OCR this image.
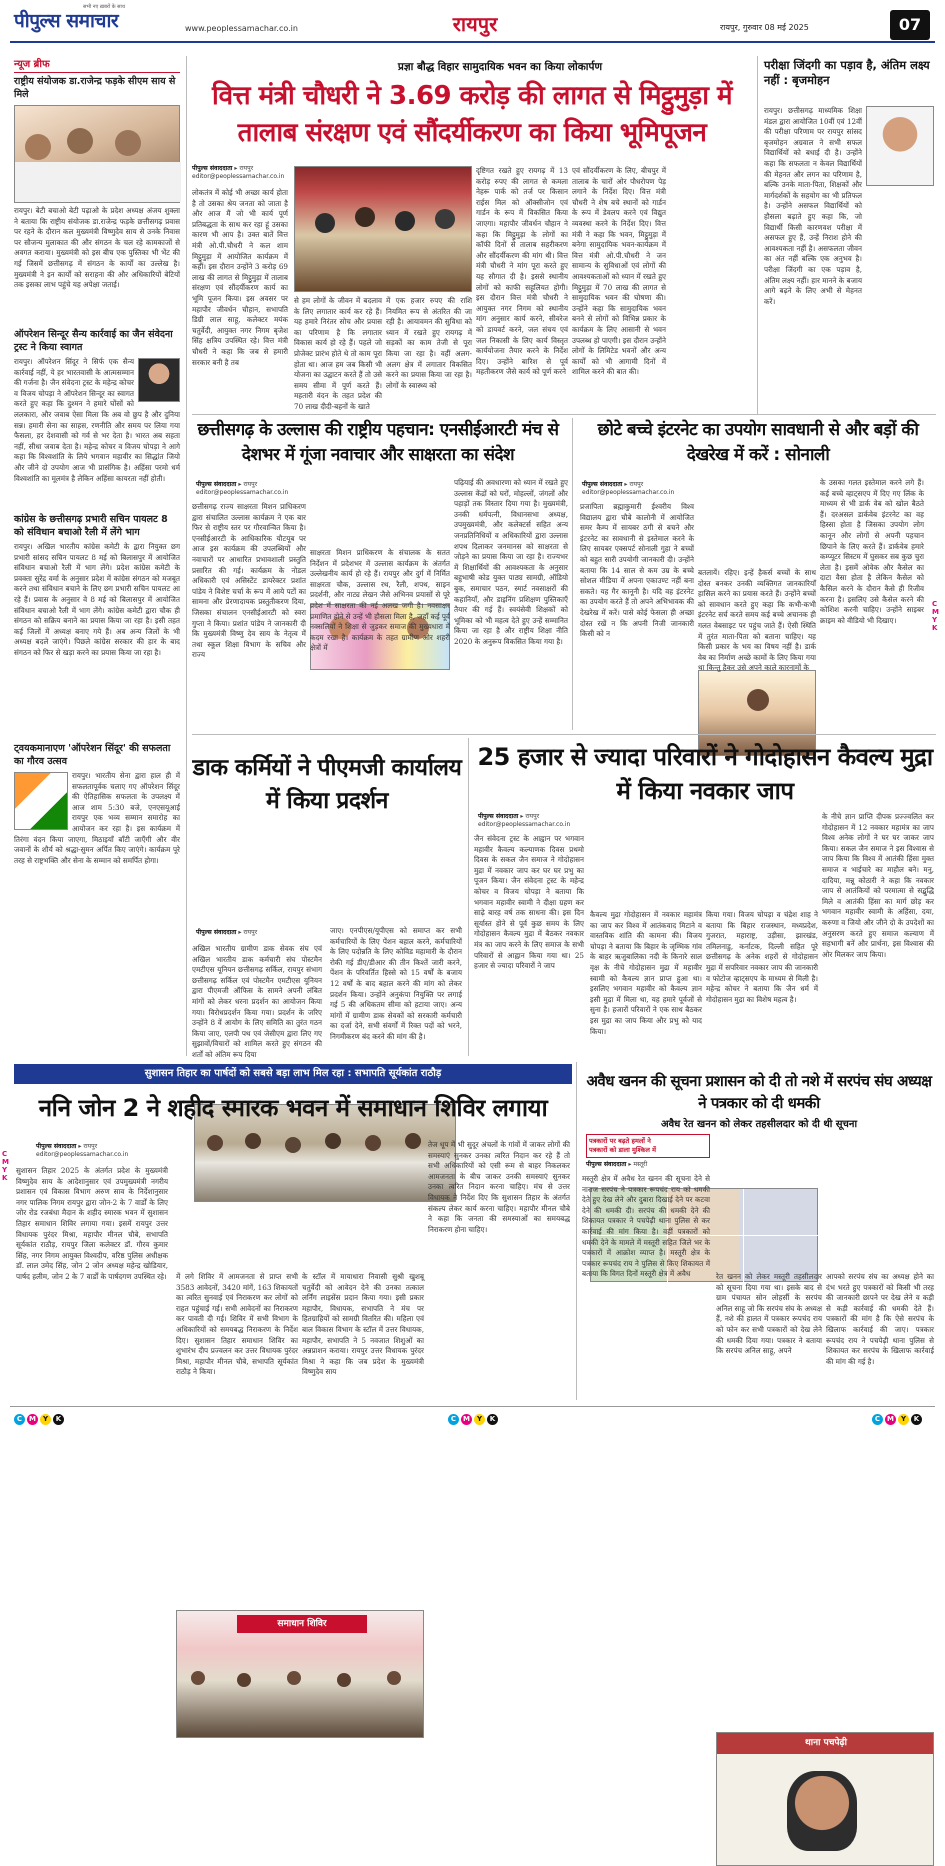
सभी नए ख़बरों के साथ
पीपुल्स समाचार	www.peoplessamachar.co.in	रायपुर	रायपुर, गुरुवार 08 मई 2025	07
न्यूज ब्रीफ
राष्ट्रीय संयोजक डा.राजेन्द्र फड़के सीएम साय से मिले
रायपुर। बेटी बचाओ बेटी पढ़ाओ के प्रदेश अध्यक्ष अंजय शुक्ला ने बताया कि राष्ट्रीय संयोजक डा.राजेन्द्र फड़के छत्तीसगढ़ प्रवास पर रहने के दौरान कल मुख्यमंत्री विष्णुदेव साय से उनके निवास पर सौजन्य मुलाकात की और संगठन के चल रहे कामकाजों से अवगत कराया। मुख्यमंत्री को इस बीच एक पुस्तिका भी भेंट की गई जिसमें छत्तीसगढ़ में संगठन के कार्यों का उल्लेख है। मुख्यमंत्री ने इन कार्यों को सराहना की और अधिकारियों बेटियों तक इसका लाभ पहुंचे यह अपेक्षा जताई।
ऑपरेशन सिन्दूर सैन्य कार्रवाई का जैन संवेदना ट्रस्ट ने किया स्वागत
रायपुर। ऑपरेशन सिंदूर ने सिर्फ एक सैन्य कार्रवाई नहीं, ये हर भारतवासी के आत्मसम्मान की गर्जना है। जैन संवेदना ट्रस्ट के महेन्द्र कोचर व विजय चोपड़ा ने ऑपरेशन सिन्दूर का स्वागत करते हुए कहा कि दुश्मन ने हमारे घोंसों को ललकारा, और जवाब ऐसा मिला कि अब वो छुप है और दुनिया सन्न। हमारी सेना का साहस, रणनीति और समय पर लिया गया फैसला, हर देशवासी को गर्व से भर देता है। भारत अब सहता नहीं, सीधा जवाब देता है। महेन्द्र कोचर व विजय चोपड़ा ने आगे कहा कि विश्वशांति के लिये भगवान महावीर का सिद्धांत जियो और जीने दो उपयोग आज भी प्रासंगिक है। अहिंसा परमो धर्म विश्वशांति का मूलमंत्र है लेकिन अहिंसा कायरता नहीं होती।
कांग्रेस के छत्तीसगढ़ प्रभारी सचिन पायलट 8 को संविधान बचाओ रैली में लेंगे भाग
रायपुर। अखिल भारतीय कांग्रेस कमेटी के द्वारा नियुक्त छग प्रभारी सांसद सचिन पायलट 8 मई को बिलासपुर में आयोजित संविधान बचाओ रैली में भाग लेंगे। प्रदेश कांग्रेस कमेटी के प्रवक्ता सुरेंद्र वर्मा के अनुसार प्रदेश में कांग्रेस संगठन को मजबूत करने तथा संविधान बचाने के लिए छग प्रभारी सचिन पायलट आ रहे हैं। प्रवास के अनुसार वे 8 मई को बिलासपुर में आयोजित संविधान बचाओ रैली में भाग लेंगे। कांग्रेस कमेटी द्वारा चौक ही संगठन को सक्रिय बनाने का प्रयास किया जा रहा है। इसी तहत कई जिलों में अध्यक्ष बनाए गये हैं। अब अन्य जिलों के भी अध्यक्ष बदले जाएंगे। पिछले कांग्रेस सरकार की हार के बाद संगठन को फिर से खड़ा करने का प्रयास किया जा रहा है।
ट्वयकमानाएण 'ऑपरेशन सिंदूर' की सफलता का गौरव उत्सव
रायपुर। भारतीय सेना द्वारा हाल ही में सफलतापूर्वक चलाए गए ऑपरेशन सिंदूर की ऐतिहासिक सफलता के उपलक्ष्य में आज शाम 5:30 बजे, एनएसयूआई रायपुर एक भव्य सम्मान समारोह का आयोजन कर रहा है। इस कार्यक्रम में तिरंगा वंदन किया जाएगा, मिठाइयाँ बाँटी जाएँगी और वीर जवानों के शौर्य को श्रद्धा-सुमन अर्पित किए जाएंगे। कार्यक्रम पूरे तरह से राष्ट्रभक्ति और सेना के सम्मान को समर्पित होगा।
प्रज्ञा बौद्ध विहार सामुदायिक भवन का किया लोकार्पण
वित्त मंत्री चौधरी ने 3.69 करोड़ की लागत से मिट्ठुमुड़ा में तालाब संरक्षण एवं सौंदर्यीकरण का किया भूमिपूजन
पीपुल्स संवाददाता ▸ रायपुर
editor@peoplessamachar.co.in
लोकतंत्र में कोई भी अच्छा कार्य होता है तो उसका श्रेय जनता को जाता है और आज मैं जो भी कार्य पूर्ण प्रतिबद्धता के साथ कर रहा हूं उसका कारण भी आप है। उक्त बातें वित्त मंत्री ओ.पी.चौधरी ने कल शाम मिट्ठुमुड़ा में आयोजित कार्यक्रम में कहीं। इस दौरान उन्होंने 3 करोड़ 69 लाख की लागत से मिट्ठुमुड़ा में तालाब संरक्षण एवं सौंदर्यीकरण कार्य का भूमि पूजन किया। इस अवसर पर महापौर जीवर्धन चौहान, सभापति डिग्री लाल साहू, कलेक्टर मयंक चतुर्वेदी, आयुक्त नगर निगम बृजेश सिंह क्षत्रिय उपस्थित रहे। वित्त मंत्री चौधरी ने कहा कि जब से हमारी सरकार बनी है तब
से हम लोगों के जीवन में बदलाव के लिए लगातार कार्य कर रहे हैं। यह हमारे निरंतर सोच और प्रयास का परिणाम है कि लगातार विकास कार्य हो रहे हैं। पहले जो प्रोजेक्ट प्रारंभ होते थे तो काम पूरा होता था। आज हम जब किसी भी योजना का उद्घाटन करते हैं तो उसे समय सीमा में पूर्ण करते हैं। महतारी वंदन के तहत प्रदेश की 70 लाख दीदी-बहनों के खाते
में एक हजार रुपए की राशि नियमित रूप से अंतरित की जा रही है। आयावमन की सुविधा को ध्यान में रखते हुए रायगढ़ में सड़कों का काम तेजी से पूरा किया जा रहा है। वहीं अलग-अलग क्षेत्र में लगातार विकसित करने का प्रयास किया जा रहा है। लोगों के स्वास्थ्य को
दृष्टिगत रखते हुए रायगढ़ में 13 करोड़ रुपए की लागत से कमला नेहरू पार्क को तर्ज पर किसान राईस मिल को ऑक्सीजोन एवं गार्डन के रूप में विकसित किया जाएगा। महापौर जीवर्धन चौहान ने कहा कि मिट्ठुमुड़ा के लोगों का कॉफी दिनों से तालाब सहरीकरण और सौंदर्यीकरण की मांग थी। वित्त मंत्री चौधरी ने मांग पूरा करते हुए यह सौगात दी है। इससे स्थानीय लोगों को काफी सहूलियत होगी। इस दौरान वित्त मंत्री चौधरी ने आयुक्त नगर निगम को स्थानीय मांग अनुसार कार्य करने, सीवरेज को डायवर्ट करने, जल संचय एवं जल निकासी के लिए कार्य विस्तृत कार्ययोजना तैयार करने के निर्देश दिए। उन्होंने बारिश से पूर्व महतीकरण जैसे कार्य को पूर्ण करने
एवं सौंदर्यीकरण के लिए, बीचपुर में तालाब के चारों ओर पौधरोपण पेड़ लगाने के निर्देश दिए। वित्त मंत्री चौधरी ने शेष बचे स्थानों को गार्डन के रूप में डेवलप करने एवं विद्युत व्यवस्था करने के निर्देश दिए। वित्त मंत्री ने कहा कि भवन, मिट्ठुमुड़ा में बनेगा सामुदायिक भवन-कार्यक्रम में वित्त मंत्री ओ.पी.चौधरी ने जन सामान्य के सुविधाओं एवं लोगों की आवश्यकताओं को ध्यान में रखते हुए मिट्ठुमुड़ा में 70 लाख की लागत से सामुदायिक भवन की घोषणा की। उन्होंने कहा कि सामुदायिक भवन बनने से लोगों को विभिन्न प्रकार के कार्यक्रम के लिए आसानी से भवन उपलब्ध हो पाएगी। इस दौरान उन्होंने लोगों के लिमिटेड भवनों और अन्य कार्यों को भी आगामी दिनों में शामिल करने की बात की।
परीक्षा जिंदगी का पड़ाव है, अंतिम लक्ष्य नहीं : बृजमोहन
रायपुर। छत्तीसगढ़ माध्यमिक शिक्षा मंडल द्वारा आयोजित 10वीं एवं 12वीं की परीक्षा परिणाम पर रायपुर सांसद बृजमोहन अग्रवाल ने सभी सफल विद्यार्थियों को बधाई दी है। उन्होंने कहा कि सफलता न केवल विद्यार्थियों की मेहनत और लगन का परिणाम है, बल्कि उनके माता-पिता, शिक्षकों और मार्गदर्शकों के सहयोग का भी प्रतिफल है। उन्होंने असफल विद्यार्थियों को हौसला बढ़ाते हुए कहा कि, जो विद्यार्थी किसी कारणवश परीक्षा में असफल हुए हैं, उन्हें निराश होने की आवश्यकता नहीं है। असफलता जीवन का अंत नहीं बल्कि एक अनुभव है। परीक्षा जिंदगी का एक पड़ाव है, अंतिम लक्ष्य नहीं। हार मानने के बजाय आगे बढ़ने के लिए अभी से मेहनत करें।
छत्तीसगढ़ के उल्लास की राष्ट्रीय पहचान: एनसीईआरटी मंच से देशभर में गूंजा नवाचार और साक्षरता का संदेश
पीपुल्स संवाददाता ▸ रायपुर
editor@peoplessamachar.co.in
छत्तीसगढ़ राज्य साक्षरता मिशन प्राधिकरण द्वारा संचालित उल्लास कार्यक्रम ने एक बार फिर से राष्ट्रीय स्तर पर गौरवान्वित किया है। एनसीईआरटी के आधिकारिक यौटयूब पर आज इस कार्यक्रम की उपलब्धियों और नवाचारों पर आधारित प्रभावशाली प्रस्तुति प्रसारित की गई। कार्यक्रम के नोडल अधिकारी एवं असिस्टेंट डायरेक्टर प्रशांत पांडेय ने विशेष्ट चर्चा के रूप में आये पटों का सामना और प्रेरणादायक प्रस्तुतीकरण दिया, जिसका संचालन एनसीईआरटी को स्वरा गुप्ता ने किया। प्रशांत पांडेय ने जानकारी दी कि मुख्यमंत्री विष्णु देव साय के नेतृत्व में तथा स्कूल शिक्षा विभाग के सचिव और राज्य
साक्षरता मिशन प्राधिकरण के संचालक के सतत निर्देशन में प्रदेशभर में उल्लास कार्यक्रम के अंतर्गत उल्लेखनीय कार्य हो रहे हैं। रायपुर और दुर्ग में निर्मित साक्षरता चौक, उल्लास रथ, रैली, शपथ, साइन प्रदर्शनी, और नाट्य लेखन जैसे अभिनव प्रयासों से पूरे प्रदेश में साक्षरता की नई अलख जगी है। नवसाक्षर प्रमाणित होने से उन्हें भी हौसला मिला है, जहाँ कई पूर्व नक्सलियों ने शिक्षा से जुड़कर समाज की मुख्यधारा में कदम रखा है। कार्यक्रम के तहत ग्रामीण ओर शहरी क्षेत्रों में
पढ़ियाई की अवधारणा को ध्यान में रखते हुए उल्लास केंद्रों को घरों, मोहल्लों, जंगलों और पहाड़ों तक विस्तार दिया गया है। मुख्यमंत्री, उनकी धर्मपत्नी, विधानसभा अध्यक्ष, उपमुख्यमंत्री, और कलेक्टर्स सहित अन्य जनप्रतिनिधियों व अधिकारियों द्वारा उल्लास शपथ दिलाकर जनमानस को साक्षरता से जोड़ने का प्रयास किया जा रहा है। राज्यभर में शिक्षार्थियों की आवश्यकता के अनुसार बहुभाषी कोड युक्त पाठ्य सामग्री, ऑडियो बुक, समाचार पठन, स्मार्ट नवसाक्षरों की कहानियाँ, और डाइनिंग प्रशिक्षण पुस्तिकाएँ तैयार की गई हैं। स्वयंसेवी शिक्षकों को भूमिका को भी महत्व देते हुए उन्हें सम्मानित किया जा रहा है और राष्ट्रीय शिक्षा नीति 2020 के अनुरूप विकसित किया गया है।
छोटे बच्चे इंटरनेट का उपयोग सावधानी से और बड़ों की देखरेख में करें : सोनाली
पीपुल्स संवाददाता ▸ रायपुर
editor@peoplessamachar.co.in
प्रजापिता ब्रह्माकुमारी ईश्वरीय विश्व विद्यालय द्वारा चौबे कालोनी में आयोजित समर कैम्प में सायबर ठगी से बचने और इंटरनेट का सावधानी से इस्तेमाल करने के लिए सायबर एक्सपर्ट सोनाली गुहा ने बच्चों को बहुत सारी उपयोगी जानकारी दी। उन्होंने बताया कि 14 साल से कम उम्र के बच्चे सोशल मीडिया में अपना एकाउण्ट नहीं बना सकते। यह गैर कानूनी है। यदि वह इंटरनेट का उपयोग करते हैं तो अपने अभिभावक की देखरेख में करें। पासे कोई फेसला ही अच्छा दोस्त रखें न कि अपनी निजी जानकारी किसी को न
बतलायें। रहिए। इन्हें हैकर्स बच्चों के साथ दोस्त बनकर उनकी व्यक्तिगत जानकारियाँ हासिल करने का प्रयास करते हैं। उन्होंने बच्चों को सावधान करते हुए कहा कि कभी-कभी इंटरनेट सर्च करते समय कई बच्चे अचानक ही गलत वेबसाइट पर पहुंच जाते हैं। ऐसी स्थिति में तुरंत माता-पिता को बताना चाहिए। यह किसी प्रकार के भय का विषय नहीं है। डार्क वेब का निर्माण अच्छे कामों के लिए किया गया था किन्तु हैकर उसे अपने काले कारनामों के
के उसका गलत इस्तेमाल करने लगे हैं। कई बच्चे व्हाट्सएप में दिए गए लिंक के माध्यम से भी डार्क वेब को खोल बैठते हैं। दरअसल डार्कवेब इंटरनेट का वह हिस्सा होता है जिसका उपयोग लोग कानून और लोगों से अपनी पहचान छिपाने के लिए करते हैं। डार्कवेब हमारे कम्प्यूटर सिस्टम में घुसकर सब कुछ चुरा लेता है। इसमें ओवेक और कैसेल का दाटा वैसा होता है लेकिन कैसेल को कैसिल करने के दौरान कैसे ही रिजीव करना है। इसलिए उसे कैसेल करने की कोशिश करनी चाहिए। उन्होंने साइबर क्राइम को वीडियो भी दिखाए।
C
M
Y
K
डाक कर्मियों ने पीएमजी कार्यालय में किया प्रदर्शन
पीपुल्स संवाददाता ▸ रायपुर
अखिल भारतीय ग्रामीण डाक सेवक संघ एवं अखिल भारतीय डाक कर्मचारी संघ पोस्टमैन एमटीएस यूनियन छत्तीसगढ़ सर्किल, रायपुर संभाग छत्तीसगढ़ सर्किल एवं पोस्टमैन एमटीएस यूनियन द्वारा पीएमजी ऑफिस के सामने अपनी लंबित मांगों को लेकर धरना प्रदर्शन का आयोजन किया गया। विरोधप्रदर्शन किया गया। प्रदर्शन के जरिए उन्होंने 8 वें आयोग के लिए समिति का तुरंत गठन किया जाए, एलपी पथ एवं जेसीएम द्वारा लिए गए सुझावों/विचारों को शामिल करते हुए संगठन की शर्तों को अंतिम रूप दिया
जाए। एनपीएस/यूपीएस को समाप्त कर सभी कर्मचारियों के लिए पेंशन बहाल करने, कर्मचारियों के लिए पदोन्नति के लिए कोविड महामारी के दौरान रोकी गई डीए/डीआर की तीन किश्तें जारी करने, पेंशन के परिवर्तित हिस्से को 15 वर्षों के बजाय 12 वर्षों के बाद बहाल करने की मांग को लेकर प्रदर्शन किया। उन्होंने अनुकंपा नियुक्ति पर लगाई गई 5 की अधिकतम सीमा को हटाया जाए। अन्य मांगों में ग्रामीण डाक सेवकों को सरकारी कर्मचारी का दर्जा देने, सभी संवर्गों में रिक्त पदों को भरने, निगमीकरण बंद करने की मांग की है।
25 हजार से ज्यादा परिवारों ने गोदोहासन कैवल्य मुद्रा में किया नवकार जाप
पीपुल्स संवाददाता ▸ रायपुर
editor@peoplessamachar.co.in
जैन संवेदना ट्रस्ट के आह्वान पर भगवान महावीर कैवल्य कल्याणक दिवस प्रथमो दिवस के सकल जैन समाज ने गोदोहासन मुद्रा में नवकार जाप कर घर घर प्रभु का पूजन किया। जैन संवेदना ट्रस्ट के महेन्द्र कोचर व विजय चोपड़ा ने बताया कि भगवान महावीर स्वामी ने दीक्षा ग्रहण कर साढ़े बारह वर्ष तक साधना की। इस दिन सूर्यास्त होने से पूर्व कुछ समय के लिए गोदोहासन कैवल्य मुद्रा में बैठकर नवकार मंत्र का जाप करने के लिए समाज के सभी परिवारों से आह्वान किया गया था। 25 हजार से ज्यादा परिवारों ने जाप
कैवल्य मुद्रा गोदोहासन में नवकार महामंत्र का जाप कर विश्व में आतंकवाद मिटाने व वास्तविक शांति की कामना की। विजय चोपड़ा ने बताया कि बिहार के जृम्भिक गांव के बाहर ऋजुबालिका नदी के किनारे साल वृक्ष के नीचे गोदोहासन मुद्रा में महावीर स्वामी को कैवल्य ज्ञान प्राप्त हुआ था। इसलिए भगवान महावीर को कैवल्य ज्ञान इसी मुद्रा में मिला था, यह हमारे पूर्वजों से सुना है। हजारों परिवारों ने एक साथ बैठकर इस मुद्रा का जाप किया और प्रभु को याद किया।
किया गया। विजय चोपड़ा व चंद्रेश शाह ने बताया कि बिहार राजस्थान, मध्यप्रदेश, गुजरात, महाराष्ट्र, उड़ीसा, झारखंड, तमिलनाडु, कर्नाटक, दिल्ली सहित पूरे छत्तीसगढ़ के अनेक शहरों से गोदोहासन मुद्रा में सपरिवार नवकार जाप की जानकारी व फोटोज व्हाट्सएप के माध्यम से मिली है। महेन्द्र कोचर ने बताया कि जैन धर्म में गोदोहासन मुद्रा का विशेष महत्व है।
के नीचे ज्ञान प्राप्ति दीपक प्रज्ज्वलित कर गोदोहासन में 12 नवकार महामंत्र का जाप विश्व अनेक लोगों ने घर घर जाकर जाप किया। सकल जैन समाज ने इस विश्वास से जाप किया कि विश्व में आतंकी हिंसा मुक्त समाज व भाईचारे का माहौल बने। मनु, दादिया, मन्नू कोठारी ने कहा कि नवकार जाप से आतंकियों को परमात्मा से सद्बुद्धि मिले व आतंकी हिंसा का मार्ग छोड़ कर भगवान महावीर स्वामी के अहिंसा, दया, करुणा व जियो और जीने दो के उपदेशों का अनुसरण करते हुए समाज कल्याण में सहभागी बनें और प्रार्थना, इस विश्वास की ओर मिलकर जाप किया।
सुशासन तिहार का पार्षदों को सबसे बड़ा लाभ मिल रहा : सभापति सूर्यकांत राठौड़
ननि जोन 2 ने शहीद स्मारक भवन में समाधान शिविर लगाया
पीपुल्स संवाददाता ▸ रायपुर
editor@peoplessamachar.co.in
C
M
Y
K
सुशासन तिहार 2025 के अंतर्गत प्रदेश के मुख्यमंत्री विष्णुदेव साय के आदेशानुसार एवं उपमुख्यमंत्री नगरीय प्रशासन एवं विकास विभाग अरुण साव के निर्देशानुसार नगर पालिक निगम रायपुर द्वारा जोन-2 के 7 वार्डों के लिए जोर रोड रजबंधा मैदान के शहीद स्मारक भवन में सुशासन तिहार समाधान शिविर लगाया गया। इसमें रायपुर उत्तर विधायक पुरंदर मिश्रा, महापौर मीनल चौबे, सभापति सूर्यकांत राठौड़, रायपुर जिला कलेक्टर डॉ. गौरव कुमार सिंह, नगर निगम आयुक्त विश्वदीप, वरिष्ठ पुलिस अधीक्षक डॉ. लाल उमेद सिंह, जोन 2 जोन अध्यक्ष महेन्द्र खोडियार, पार्षद हलीम, जोन 2 के 7 वार्डों के पार्षदगण उपस्थित रहे।
समाधान शिविर
में लगे शिविर में आमजनता से प्राप्त सभी 3583 आवेदनों, 3420 मांगें, 163 शिकायतों का त्वरित सुनवाई एवं निराकरण कर लोगों को राहत पहुंचाई गई। सभी आवेदनों का निराकरण कर पावती दी गई। शिविर में सभी विभाग के अधिकारियों को समयबद्ध निराकरण के निर्देश दिए। सुशासन तिहार समाधान शिविर का शुभारंभ दीप प्रज्वलन कर उत्तर विधायक पुरंदर मिश्रा, महापौर मीनल चौबे, सभापति सूर्यकांत राठौड़ ने किया।
के स्टॉल में मायाधारा निवासी सुश्री खुशबू चतुर्वेदी को आवेदन देने की उनका तत्काल लर्निंग लाइसेंस प्रदान किया गया। इसी प्रकार महापौर, विधायक, सभापति ने मंच पर हितग्राहियों को सामग्री वितरित की। महिला एवं बाल विकास विभाग के स्टॉल में उत्तर विधायक, महापौर, सभापति ने 5 नवजात शिशुओं का अन्नप्राशन कराया। रायपुर उत्तर विधायक पुरंदर मिश्रा ने कहा कि जब प्रदेश के मुख्यमंत्री विष्णुदेव साय
तेज धूप में भी सुदूर अंचलों के गांवों में जाकर लोगों की समस्याएं सुनकर उनका त्वरित निदान कर रहे हैं तो सभी अधिकारियों को एसी रूम से बाहर निकलकर आमजनता के बीच जाकर उनकी समस्याएं सुनकर उनका त्वरित निदान करना चाहिए। मंच से उत्तर विधायक ने निर्देश दिए कि सुशासन तिहार के अंतर्गत संकल्प लेकर कार्य करना चाहिए। महापौर मीनल चौबे ने कहा कि जनता की समस्याओं का समयबद्ध निराकरण होना चाहिए।
अवैध खनन की सूचना प्रशासन को दी तो नशे में सरपंच संघ अध्यक्ष ने पत्रकार को दी धमकी
अवैध रेत खनन को लेकर तहसीलदार को दी थी सूचना
पत्रकारों पर बढ़ते हमलों ने
पत्रकारों को डाला मुश्किल में
पीपुल्स संवाददाता ▸ मस्तूरी
मस्तूरी क्षेत्र में अवैध रेत खनन की सूचना देने से नाराज सरपंच ने पत्रकार रूपचंद राय को धमकी देते हुए देख लेने और दुबारा दिखाई देने पर कटवा देने की धमकी दी। सरपंच की धमकी देने की शिकायत पत्रकार ने पचपेढ़ी थाना पुलिस से कर कार्रवाई की मांग किया है। वहीं पत्रकारों को धमकी देने के मामले में मस्तूरी सहित जिले भर के पत्रकारों में आक्रोश व्याप्त है। मस्तूरी क्षेत्र के पत्रकार रूपचंद राय ने पुलिस से किए शिकायत में बताया कि विगत दिनों मस्तूरी क्षेत्र में अवैध
थाना पचपेढ़ी
रेत खनन को लेकर मस्तूरी तहसीलदार को सूचना दिया गया था। इसके बाद से ग्राम पंचायत सोन लोहर्सी के सरपंच अनिल साहू जो कि सरपंच संघ के अध्यक्ष हैं, नशे की हालत में पत्रकार रूपचंद राय को फोन कर सभी पत्रकारों को देख लेने की धमकी दिया गया। पत्रकार ने बताया कि सरपंच अनिल साहू, अपने
आपको सरपंच संघ का अध्यक्ष होने का दंभ भरते हुए पत्रकारों को किसी भी तरह की जानकारी छापने पर देख लेने व कड़ी से कड़ी कार्रवाई की धमकी देते हैं। पत्रकारों की मांग है कि ऐसे सरपंच के खिलाफ कार्रवाई की जाए। पत्रकार रूपचंद राय ने पचपेढ़ी थाना पुलिस से शिकायत कर सरपंच के खिलाफ कार्रवाई की मांग की गई है।
C M Y	K	C M Y	K	C M Y	K
